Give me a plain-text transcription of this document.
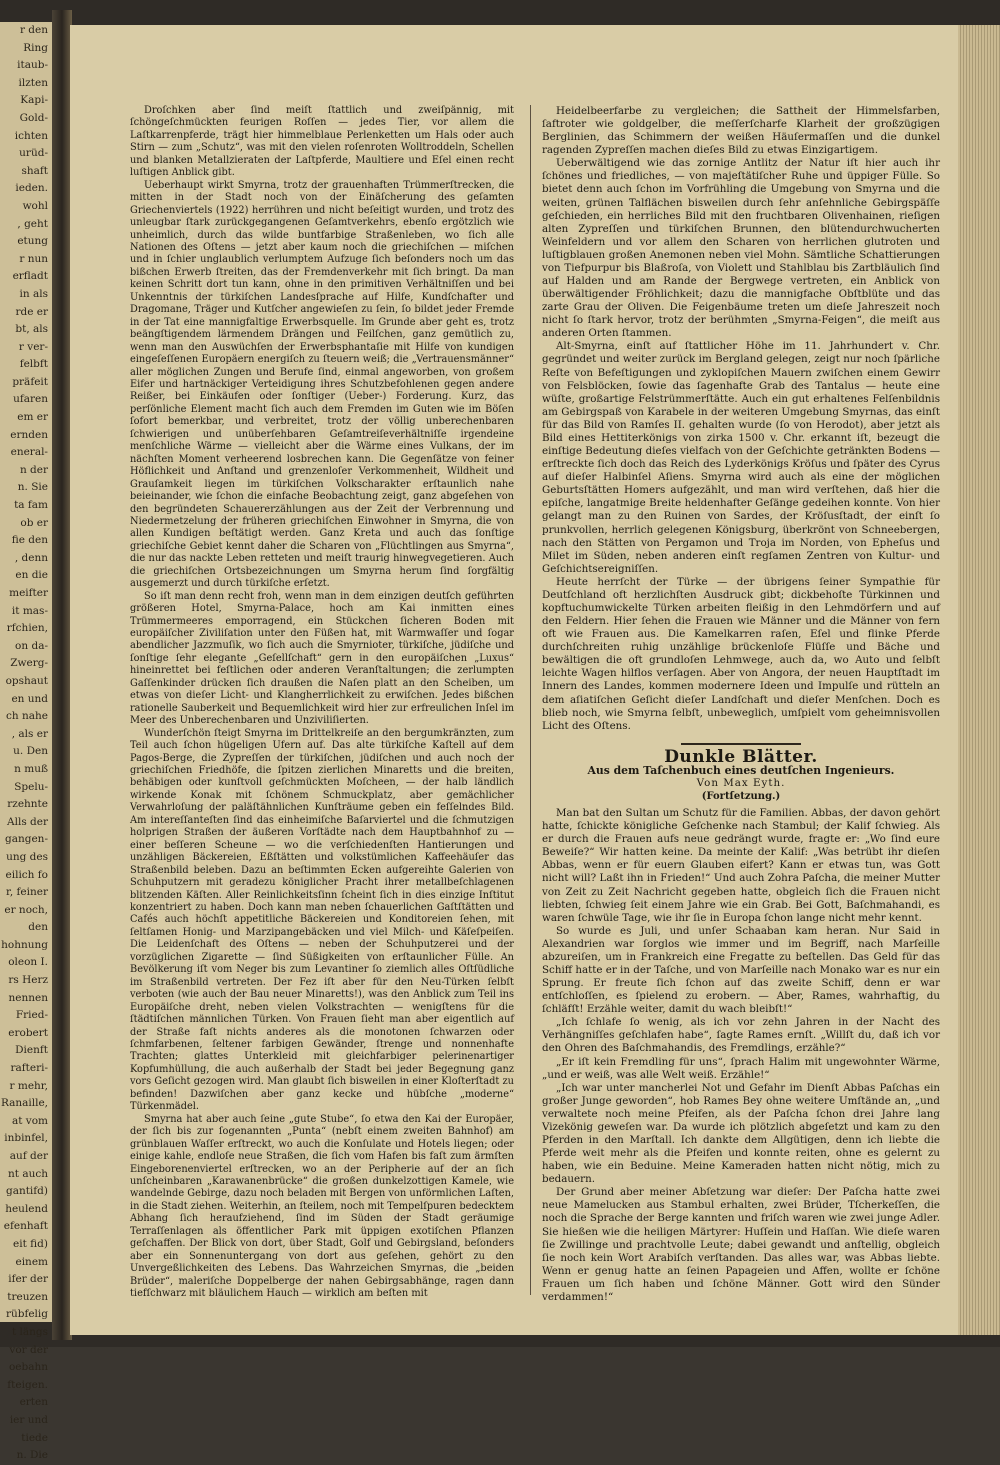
r den

Ring

itaub-

ilzten

Kapi-

Gold-

ichten

urüd-

shaft

ieden.

wohl

, geht

etung

r nun

erfladt

in als

rde er

bt, als

r ver-

felbft

präfeit

ufaren

em er

ernden

eneral-

n der

n. Sie

ta fam

ob er

fie den

, denn

en die

meifter

it mas-

rfchien,

on da-

Zwerg-

opshaut

en und

ch nahe

, als er

u. Den

n muß

Spelu-

rzehnte

Alls der

gangen-

ung des

eilich fo

r, feiner

er noch,

den

hohnung

oleon I.

rs Herz

nennen

Fried-

erobert

Dienft

rafteri-

r mehr,

Ranaille,

at vom

inbinfel,

auf der

nt auch

gantifd)

heulend

efenhaft

eit fid)

einem

ifer der

treuzen

rübfelig

t längs

vor der

oebahn

fteigen.

erten

ier und

tiede

n. Die

Droſchken aber ſind meiſt ſtattlich und zweiſpännig, mit ſchöngeſchmückten feurigen Roſſen — jedes Tier, vor allem die Laſtkarrenpferde, trägt hier himmelblaue Perlenketten um Hals oder auch Stirn — zum „Schutz“, was mit den vielen roſenroten Wolltroddeln, Schellen und blanken Metallzieraten der Laſtpferde, Maultiere und Eſel einen recht luſtigen Anblick gibt.

Ueberhaupt wirkt Smyrna, trotz der grauenhaften Trümmerſtrecken, die mitten in der Stadt noch von der Einäſcherung des geſamten Griechenviertels (1922) herrühren und nicht beſeitigt wurden, und trotz des unleugbar ſtark zurückgegangenen Geſamtverkehrs, ebenſo ergötzlich wie unheimlich, durch das wilde buntfarbige Straßenleben, wo ſich alle Nationen des Oſtens — jetzt aber kaum noch die griechiſchen — miſchen und in ſchier unglaublich verlumptem Aufzuge ſich beſonders noch um das bißchen Erwerb ſtreiten, das der Fremdenverkehr mit ſich bringt. Da man keinen Schritt dort tun kann, ohne in den primitiven Verhältniſſen und bei Unkenntnis der türkiſchen Landesſprache auf Hilfe, Kundſchafter und Dragomane, Träger und Kutſcher angewieſen zu ſein, ſo bildet jeder Fremde in der Tat eine mannigfaltige Erwerbsquelle. Im Grunde aber geht es, trotz beängſtigendem lärmendem Drängen und Feilſchen, ganz gemütlich zu, wenn man den Auswüchſen der Erwerbsphantaſie mit Hilfe von kundigen eingeſeſſenen Europäern energiſch zu ſteuern weiß; die „Vertrauensmänner“ aller möglichen Zungen und Berufe ſind, einmal angeworben, von großem Eifer und hartnäckiger Verteidigung ihres Schutzbefohlenen gegen andere Reißer, bei Einkäufen oder ſonſtiger (Ueber-) Forderung. Kurz, das perſönliche Element macht ſich auch dem Fremden im Guten wie im Böſen ſofort bemerkbar, und verbreitet, trotz der völlig unberechenbaren ſchwierigen und unüberſehbaren Geſamtreiſeverhältniſſe irgendeine menſchliche Wärme — vielleicht aber die Wärme eines Vulkans, der im nächſten Moment verheerend losbrechen kann. Die Gegenſätze von feiner Höflichkeit und Anſtand und grenzenloſer Verkommenheit, Wildheit und Grauſamkeit liegen im türkiſchen Volkscharakter erſtaunlich nahe beieinander, wie ſchon die einfache Beobachtung zeigt, ganz abgeſehen von den begründeten Schauererzählungen aus der Zeit der Verbrennung und Niedermetzelung der früheren griechiſchen Einwohner in Smyrna, die von allen Kundigen beſtätigt werden. Ganz Kreta und auch das ſonſtige griechiſche Gebiet kennt daher die Scharen von „Flüchtlingen aus Smyrna“, die nur das nackte Leben retteten und meiſt traurig hinwegvegetieren. Auch die griechiſchen Ortsbezeichnungen um Smyrna herum ſind ſorgfältig ausgemerzt und durch türkiſche erſetzt.

So iſt man denn recht froh, wenn man in dem einzigen deutſch geführten größeren Hotel, Smyrna-Palace, hoch am Kai inmitten eines Trümmermeeres emporragend, ein Stückchen ſicheren Boden mit europäiſcher Ziviliſation unter den Füßen hat, mit Warmwaſſer und ſogar abendlicher Jazzmuſik, wo ſich auch die Smyrnioter, türkiſche, jüdiſche und ſonſtige ſehr elegante „Geſellſchaft“ gern in den europäiſchen „Luxus“ hineinrettet bei feſtlichen oder anderen Veranſtaltungen; die zerlumpten Gaſſenkinder drücken ſich draußen die Naſen platt an den Scheiben, um etwas von dieſer Licht- und Klangherrlichkeit zu erwiſchen. Jedes bißchen rationelle Sauberkeit und Bequemlichkeit wird hier zur erfreulichen Inſel im Meer des Unberechenbaren und Unziviliſierten.

Wunderſchön ſteigt Smyrna im Drittelkreiſe an den bergumkränzten, zum Teil auch ſchon hügeligen Ufern auf. Das alte türkiſche Kaſtell auf dem Pagos-Berge, die Zypreſſen der türkiſchen, jüdiſchen und auch noch der griechiſchen Friedhöfe, die ſpitzen zierlichen Minaretts und die breiten, behäbigen oder kunſtvoll geſchmückten Moſcheen, — der halb ländlich wirkende Konak mit ſchönem Schmuckplatz, aber gemächlicher Verwahrloſung der paläſtähnlichen Kunſträume geben ein feſſelndes Bild. Am intereſſanteſten ſind das einheimiſche Baſarviertel und die ſchmutzigen holprigen Straßen der äußeren Vorſtädte nach dem Hauptbahnhof zu — einer beſſeren Scheune — wo die verſchiedenſten Hantierungen und unzähligen Bäckereien, Eßſtätten und volkstümlichen Kaffeehäuſer das Straßenbild beleben. Dazu an beſtimmten Ecken aufgereihte Galerien von Schuhputzern mit geradezu königlicher Pracht ihrer metallbeſchlagenen blitzenden Käſten. Aller Reinlichkeitsſinn ſcheint ſich in dies einzige Inſtitut konzentriert zu haben. Doch kann man neben ſchauerlichen Gaſtſtätten und Cafés auch höchſt appetitliche Bäckereien und Konditoreien ſehen, mit ſeltſamen Honig- und Marzipangebäcken und viel Milch- und Käſeſpeiſen. Die Leidenſchaft des Oſtens — neben der Schuhputzerei und der vorzüglichen Zigarette — ſind Süßigkeiten von erſtaunlicher Fülle. An Bevölkerung iſt vom Neger bis zum Levantiner ſo ziemlich alles Oſtſüdliche im Straßenbild vertreten. Der Fez iſt aber für den Neu-Türken ſelbſt verboten (wie auch der Bau neuer Minaretts!), was den Anblick zum Teil ins Europäiſche dreht, neben vielen Volkstrachten — wenigſtens für die ſtädtiſchen männlichen Türken. Von Frauen ſieht man aber eigentlich auf der Straße faſt nichts anderes als die monotonen ſchwarzen oder ſchmfarbenen, ſeltener farbigen Gewänder, ſtrenge und nonnenhafte Trachten; glattes Unterkleid mit gleichfarbiger pelerinenartiger Kopfumhüllung, die auch außerhalb der Stadt bei jeder Begegnung ganz vors Geſicht gezogen wird. Man glaubt ſich bisweilen in einer Kloſterſtadt zu befinden! Dazwiſchen aber ganz kecke und hübſche „moderne“ Türkenmädel.

Smyrna hat aber auch ſeine „gute Stube“, ſo etwa den Kai der Europäer, der ſich bis zur ſogenannten „Punta“ (nebſt einem zweiten Bahnhof) am grünblauen Waſſer erſtreckt, wo auch die Konſulate und Hotels liegen; oder einige kahle, endloſe neue Straßen, die ſich vom Hafen bis faſt zum ärmſten Eingeborenenviertel erſtrecken, wo an der Peripherie auf der an ſich unſcheinbaren „Karawanenbrücke“ die großen dunkelzottigen Kamele, wie wandelnde Gebirge, dazu noch beladen mit Bergen von unförmlichen Laſten, in die Stadt ziehen. Weiterhin, an ſteilem, noch mit Tempelſpuren bedecktem Abhang ſich heraufziehend, ſind im Süden der Stadt geräumige Terraſſenlagen als öffentlicher Park mit üppigen exotiſchen Pflanzen geſchaffen. Der Blick von dort, über Stadt, Golf und Gebirgsland, beſonders aber ein Sonnenuntergang von dort aus geſehen, gehört zu den Unvergeßlichkeiten des Lebens. Das Wahrzeichen Smyrnas, die „beiden Brüder“, maleriſche Doppelberge der nahen Gebirgsabhänge, ragen dann tiefſchwarz mit bläulichem Hauch — wirklich am beſten mit

Heidelbeerfarbe zu vergleichen; die Sattheit der Himmelsfarben, ſaftroter wie goldgelber, die meſſerſcharfe Klarheit der großzügigen Berglinien, das Schimmern der weißen Häuſermaſſen und die dunkel ragenden Zypreſſen machen dieſes Bild zu etwas Einzigartigem.

Ueberwältigend wie das zornige Antlitz der Natur iſt hier auch ihr ſchönes und friedliches, — von majeſtätiſcher Ruhe und üppiger Fülle. So bietet denn auch ſchon im Vorfrühling die Umgebung von Smyrna und die weiten, grünen Talflächen bisweilen durch ſehr anſehnliche Gebirgspäſſe geſchieden, ein herrliches Bild mit den fruchtbaren Olivenhainen, rieſigen alten Zypreſſen und türkiſchen Brunnen, den blütendurchwucherten Weinfeldern und vor allem den Scharen von herrlichen glutroten und luſtigblauen großen Anemonen neben viel Mohn. Sämtliche Schattierungen von Tiefpurpur bis Blaßroſa, von Violett und Stahlblau bis Zartbläulich ſind auf Halden und am Rande der Bergwege vertreten, ein Anblick von überwältigender Fröhlichkeit; dazu die mannigfache Obſtblüte und das zarte Grau der Oliven. Die Feigenbäume treten um dieſe Jahreszeit noch nicht ſo ſtark hervor, trotz der berühmten „Smyrna-Feigen“, die meiſt aus anderen Orten ſtammen.

Alt-Smyrna, einſt auf ſtattlicher Höhe im 11. Jahrhundert v. Chr. gegründet und weiter zurück im Bergland gelegen, zeigt nur noch ſpärliche Reſte von Befeſtigungen und zyklopiſchen Mauern zwiſchen einem Gewirr von Felsblöcken, ſowie das ſagenhafte Grab des Tantalus — heute eine wüſte, großartige Felstrümmerſtätte. Auch ein gut erhaltenes Felſenbildnis am Gebirgspaß von Karabele in der weiteren Umgebung Smyrnas, das einſt für das Bild von Ramſes II. gehalten wurde (ſo von Herodot), aber jetzt als Bild eines Hettiterkönigs von zirka 1500 v. Chr. erkannt iſt, bezeugt die einſtige Bedeutung dieſes vielfach von der Geſchichte getränkten Bodens — erſtreckte ſich doch das Reich des Lyderkönigs Kröſus und ſpäter des Cyrus auf dieſer Halbinſel Aſiens. Smyrna wird auch als eine der möglichen Geburtsſtätten Homers aufgezählt, und man wird verſtehen, daß hier die epiſche, langatmige Breite heldenhafter Geſänge gedeihen konnte. Von hier gelangt man zu den Ruinen von Sardes, der Kröſusſtadt, der einſt ſo prunkvollen, herrlich gelegenen Königsburg, überkrönt von Schneebergen, nach den Stätten von Pergamon und Troja im Norden, von Epheſus und Milet im Süden, neben anderen einſt regſamen Zentren von Kultur- und Geſchichtsereigniſſen.

Heute herrſcht der Türke — der übrigens ſeiner Sympathie für Deutſchland oft herzlichſten Ausdruck gibt; dickbehoſte Türkinnen und kopftuchumwickelte Türken arbeiten fleißig in den Lehmdörfern und auf den Feldern. Hier ſehen die Frauen wie Männer und die Männer von fern oft wie Frauen aus. Die Kamelkarren raſen, Eſel und flinke Pferde durchſchreiten ruhig unzählige brückenloſe Flüſſe und Bäche und bewältigen die oft grundloſen Lehmwege, auch da, wo Auto und ſelbſt leichte Wagen hilflos verſagen. Aber von Angora, der neuen Hauptſtadt im Innern des Landes, kommen modernere Ideen und Impulſe und rütteln an dem aſiatiſchen Geſicht dieſer Landſchaft und dieſer Menſchen. Doch es blieb noch, wie Smyrna ſelbſt, unbeweglich, umſpielt vom geheimnisvollen Licht des Oſtens.

Dunkle Blätter.

Aus dem Taſchenbuch eines deutſchen Ingenieurs.

Von Max Eyth.

(Fortſetzung.)

Man bat den Sultan um Schutz für die Familien. Abbas, der davon gehört hatte, ſchickte königliche Geſchenke nach Stambul; der Kalif ſchwieg. Als er durch die Frauen aufs neue gedrängt wurde, fragte er: „Wo ſind eure Beweiſe?“ Wir hatten keine. Da meinte der Kalif: „Was betrübt ihr dieſen Abbas, wenn er für euern Glauben eifert? Kann er etwas tun, was Gott nicht will? Laßt ihn in Frieden!“ Und auch Zohra Paſcha, die meiner Mutter von Zeit zu Zeit Nachricht gegeben hatte, obgleich ſich die Frauen nicht liebten, ſchwieg ſeit einem Jahre wie ein Grab. Bei Gott, Baſchmahandi, es waren ſchwüle Tage, wie ihr ſie in Europa ſchon lange nicht mehr kennt.

So wurde es Juli, und unſer Schaaban kam heran. Nur Said in Alexandrien war ſorglos wie immer und im Begriff, nach Marſeille abzureiſen, um in Frankreich eine Fregatte zu beſtellen. Das Geld für das Schiff hatte er in der Taſche, und von Marſeille nach Monako war es nur ein Sprung. Er freute ſich ſchon auf das zweite Schiff, denn er war entſchloſſen, es ſpielend zu erobern. — Aber, Rames, wahrhaftig, du ſchläfſt! Erzähle weiter, damit du wach bleibſt!“

„Ich ſchlafe ſo wenig, als ich vor zehn Jahren in der Nacht des Verhängniſſes geſchlafen habe“, ſagte Rames ernſt. „Willſt du, daß ich vor den Ohren des Baſchmahandis, des Fremdlings, erzähle?“

„Er iſt kein Fremdling für uns“, ſprach Halim mit ungewohnter Wärme, „und er weiß, was alle Welt weiß. Erzähle!“

„Ich war unter mancherlei Not und Gefahr im Dienſt Abbas Paſchas ein großer Junge geworden“, hob Rames Bey ohne weitere Umſtände an, „und verwaltete noch meine Pfeifen, als der Paſcha ſchon drei Jahre lang Vizekönig geweſen war. Da wurde ich plötzlich abgeſetzt und kam zu den Pferden in den Marſtall. Ich dankte dem Allgütigen, denn ich liebte die Pferde weit mehr als die Pfeifen und konnte reiten, ohne es gelernt zu haben, wie ein Beduine. Meine Kameraden hatten nicht nötig, mich zu bedauern.

Der Grund aber meiner Abſetzung war dieſer: Der Paſcha hatte zwei neue Mamelucken aus Stambul erhalten, zwei Brüder, Tſcherkeſſen, die noch die Sprache der Berge kannten und friſch waren wie zwei junge Adler. Sie hießen wie die heiligen Märtyrer: Huſſein und Haſſan. Wie dieſe waren ſie Zwillinge und prachtvolle Leute; dabei gewandt und anſtellig, obgleich ſie noch kein Wort Arabiſch verſtanden. Das alles war, was Abbas liebte. Wenn er genug hatte an ſeinen Papageien und Affen, wollte er ſchöne Frauen um ſich haben und ſchöne Männer. Gott wird den Sünder verdammen!“
